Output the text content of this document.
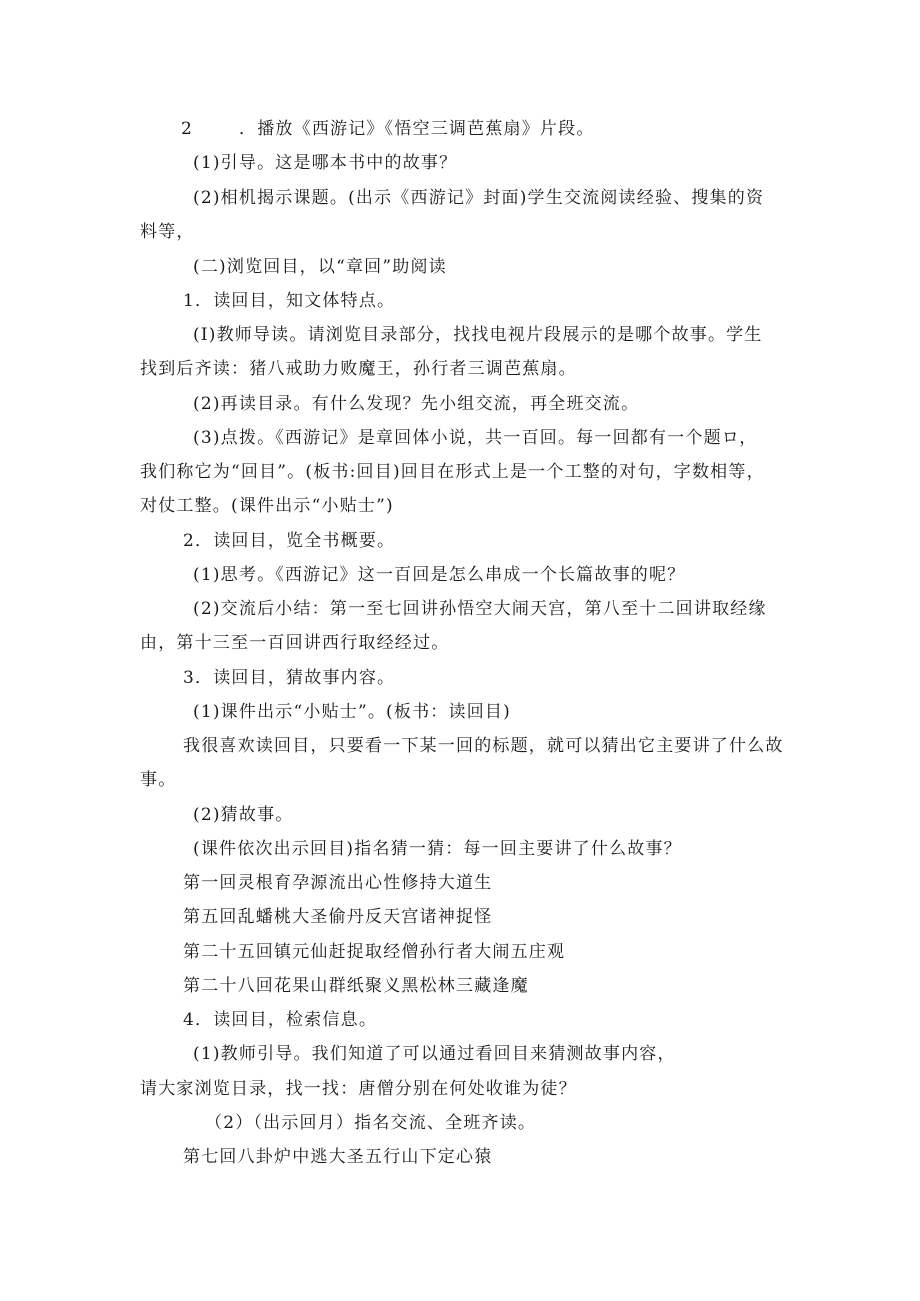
2	．播放《西游记》《悟空三调芭蕉扇》片段。
(1)引导。这是哪本书中的故事？
(2)相机揭示课题。(出示《西游记》封面)学生交流阅读经验、搜集的资
料等，
(二)浏览回目，以“章回”助阅读
1．读回目，知文体特点。
(I)教师导读。请浏览目录部分，找找电视片段展示的是哪个故事。学生
找到后齐读：猪八戒助力败魔王，孙行者三调芭蕉扇。
(2)再读目录。有什么发现？先小组交流，再全班交流。
(3)点拨。《西游记》是章回体小说，共一百回。每一回都有一个题ロ，
我们称它为“回目”。(板书:回目)回目在形式上是一个工整的对句，字数相等，
对仗工整。(课件出示“小贴士”)
2．读回目，览全书概要。
(1)思考。《西游记》这一百回是怎么串成一个长篇故事的呢？
(2)交流后小结：第一至七回讲孙悟空大闹天宫，第八至十二回讲取经缘
由，第十三至一百回讲西行取经经过。
3．读回目，猜故事内容。
(1)课件出示“小贴士”。(板书：读回目)
我很喜欢读回目，只要看一下某一回的标题，就可以猜出它主要讲了什么故
事。
(2)猜故事。
(课件依次出示回目)指名猜一猜：每一回主要讲了什么故事？
第一回灵根育孕源流出心性修持大道生
第五回乱蟠桃大圣偷丹反天宫诸神捉怪
第二十五回镇元仙赶捉取经僧孙行者大闹五庄观
第二十八回花果山群纸聚义黑松林三藏逢魔
4．读回目，检索信息。
(1)教师引导。我们知道了可以通过看回目来猜测故事内容，
请大家浏览日录，找一找：唐僧分别在何处收谁为徒？
（2）（出示回月）指名交流、全班齐读。
第七回八卦炉中逃大圣五行山下定心猿
